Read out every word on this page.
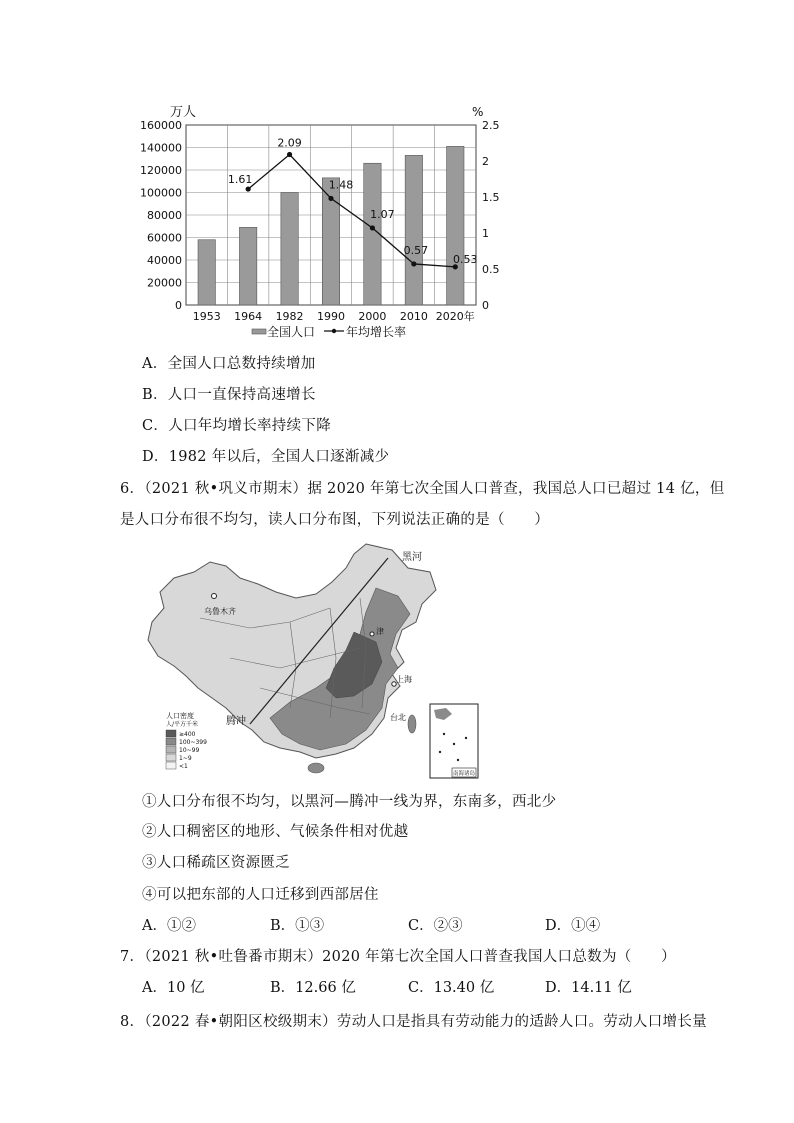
万人	%
0
20000
40000
60000
80000
100000
120000
140000
160000
0
0.5
1
1.5
2
2.5
1953 1964 1982 1990 2000 2010 2020年
1.61
2.09
1.48
1.07
0.57
0.53
全国人口	年均增长率
A．全国人口总数持续增加
B．人口一直保持高速增长
C．人口年均增长率持续下降
D．1982 年以后，全国人口逐渐减少
6．（2021 秋•巩义市期末）据 2020 年第七次全国人口普查，我国总人口已超过 14 亿，但
是人口分布很不均匀，读人口分布图，下列说法正确的是（　　）
黑河
乌鲁木齐
腾冲
上海
津
台北
人口密度
人/平方千米
≥400
100~399
10~99
1~9
<1
南海诸岛
①人口分布很不均匀，以黑河—腾冲一线为界，东南多，西北少
②人口稠密区的地形、气候条件相对优越
③人口稀疏区资源匮乏
④可以把东部的人口迁移到西部居住
A．①②	B．①③	C．②③	D．①④
7．（2021 秋•吐鲁番市期末）2020 年第七次全国人口普查我国人口总数为（　　）
A．10 亿	B．12.66 亿	C．13.40 亿	D．14.11 亿
8．（2022 春•朝阳区校级期末）劳动人口是指具有劳动能力的适龄人口。劳动人口增长量
